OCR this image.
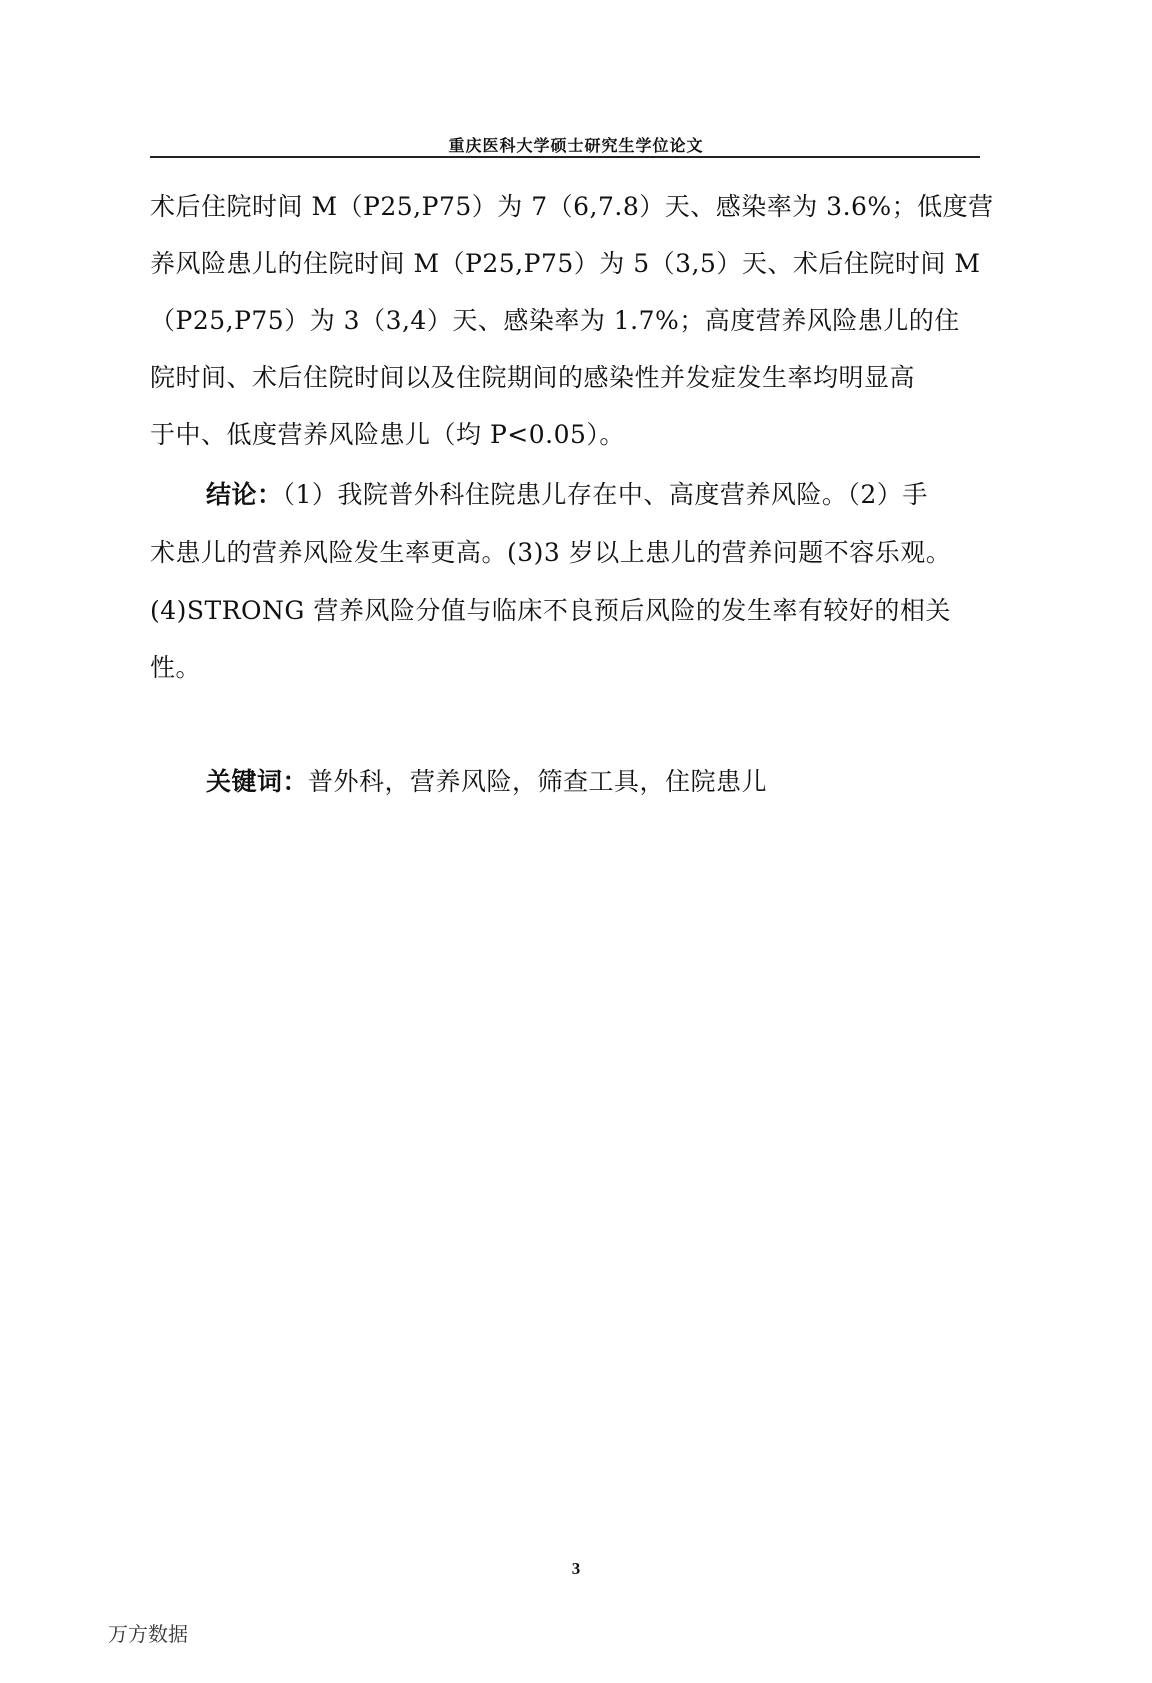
重庆医科大学硕士研究生学位论文
术后住院时间 M（P25,P75）为 7（6,7.8）天、感染率为 3.6%；低度营
养风险患儿的住院时间 M（P25,P75）为 5（3,5）天、术后住院时间 M
（P25,P75）为 3（3,4）天、感染率为 1.7%；高度营养风险患儿的住
院时间、术后住院时间以及住院期间的感染性并发症发生率均明显高
于中、低度营养风险患儿（均 P<0.05）。
结论：（1）我院普外科住院患儿存在中、高度营养风险。（2）手
术患儿的营养风险发生率更高。(3)3 岁以上患儿的营养问题不容乐观。
(4)STRONG 营养风险分值与临床不良预后风险的发生率有较好的相关
性。
关键词：普外科，营养风险，筛查工具，住院患儿
3
万方数据
